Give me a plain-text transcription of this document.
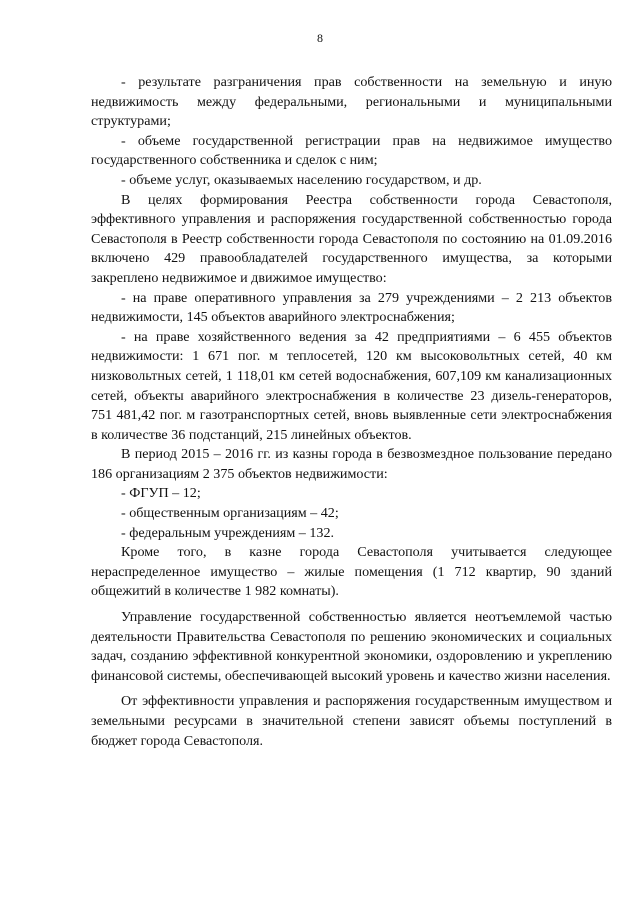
8

- результате разграничения прав собственности на земельную и иную недвижимость между федеральными, региональными и муниципальными структурами;

- объеме государственной регистрации прав на недвижимое имущество государственного собственника и сделок с ним;

- объеме услуг, оказываемых населению государством, и др.

В целях формирования Реестра собственности города Севастополя, эффективного управления и распоряжения государственной собственностью города Севастополя в Реестр собственности города Севастополя по состоянию на 01.09.2016 включено 429 правообладателей государственного имущества, за которыми закреплено недвижимое и движимое имущество:

- на праве оперативного управления за 279 учреждениями – 2 213 объектов недвижимости, 145 объектов аварийного электроснабжения;

- на праве хозяйственного ведения за 42 предприятиями – 6 455 объектов недвижимости: 1 671 пог. м теплосетей, 120 км высоковольтных сетей, 40 км низковольтных сетей, 1 118,01 км сетей водоснабжения, 607,109 км канализационных сетей, объекты аварийного электроснабжения в количестве 23 дизель-генераторов, 751 481,42 пог. м газотранспортных сетей, вновь выявленные сети электроснабжения в количестве 36 подстанций, 215 линейных объектов.

В период 2015 – 2016 гг. из казны города в безвозмездное пользование передано 186 организациям 2 375 объектов недвижимости:

- ФГУП – 12;

- общественным организациям – 42;

- федеральным учреждениям – 132.

Кроме того, в казне города Севастополя учитывается следующее нераспределенное имущество – жилые помещения (1 712 квартир, 90 зданий общежитий в количестве 1 982 комнаты).

Управление государственной собственностью является неотъемлемой частью деятельности Правительства Севастополя по решению экономических и социальных задач, созданию эффективной конкурентной экономики, оздоровлению и укреплению финансовой системы, обеспечивающей высокий уровень и качество жизни населения.

От эффективности управления и распоряжения государственным имуществом и земельными ресурсами в значительной степени зависят объемы поступлений в бюджет города Севастополя.
